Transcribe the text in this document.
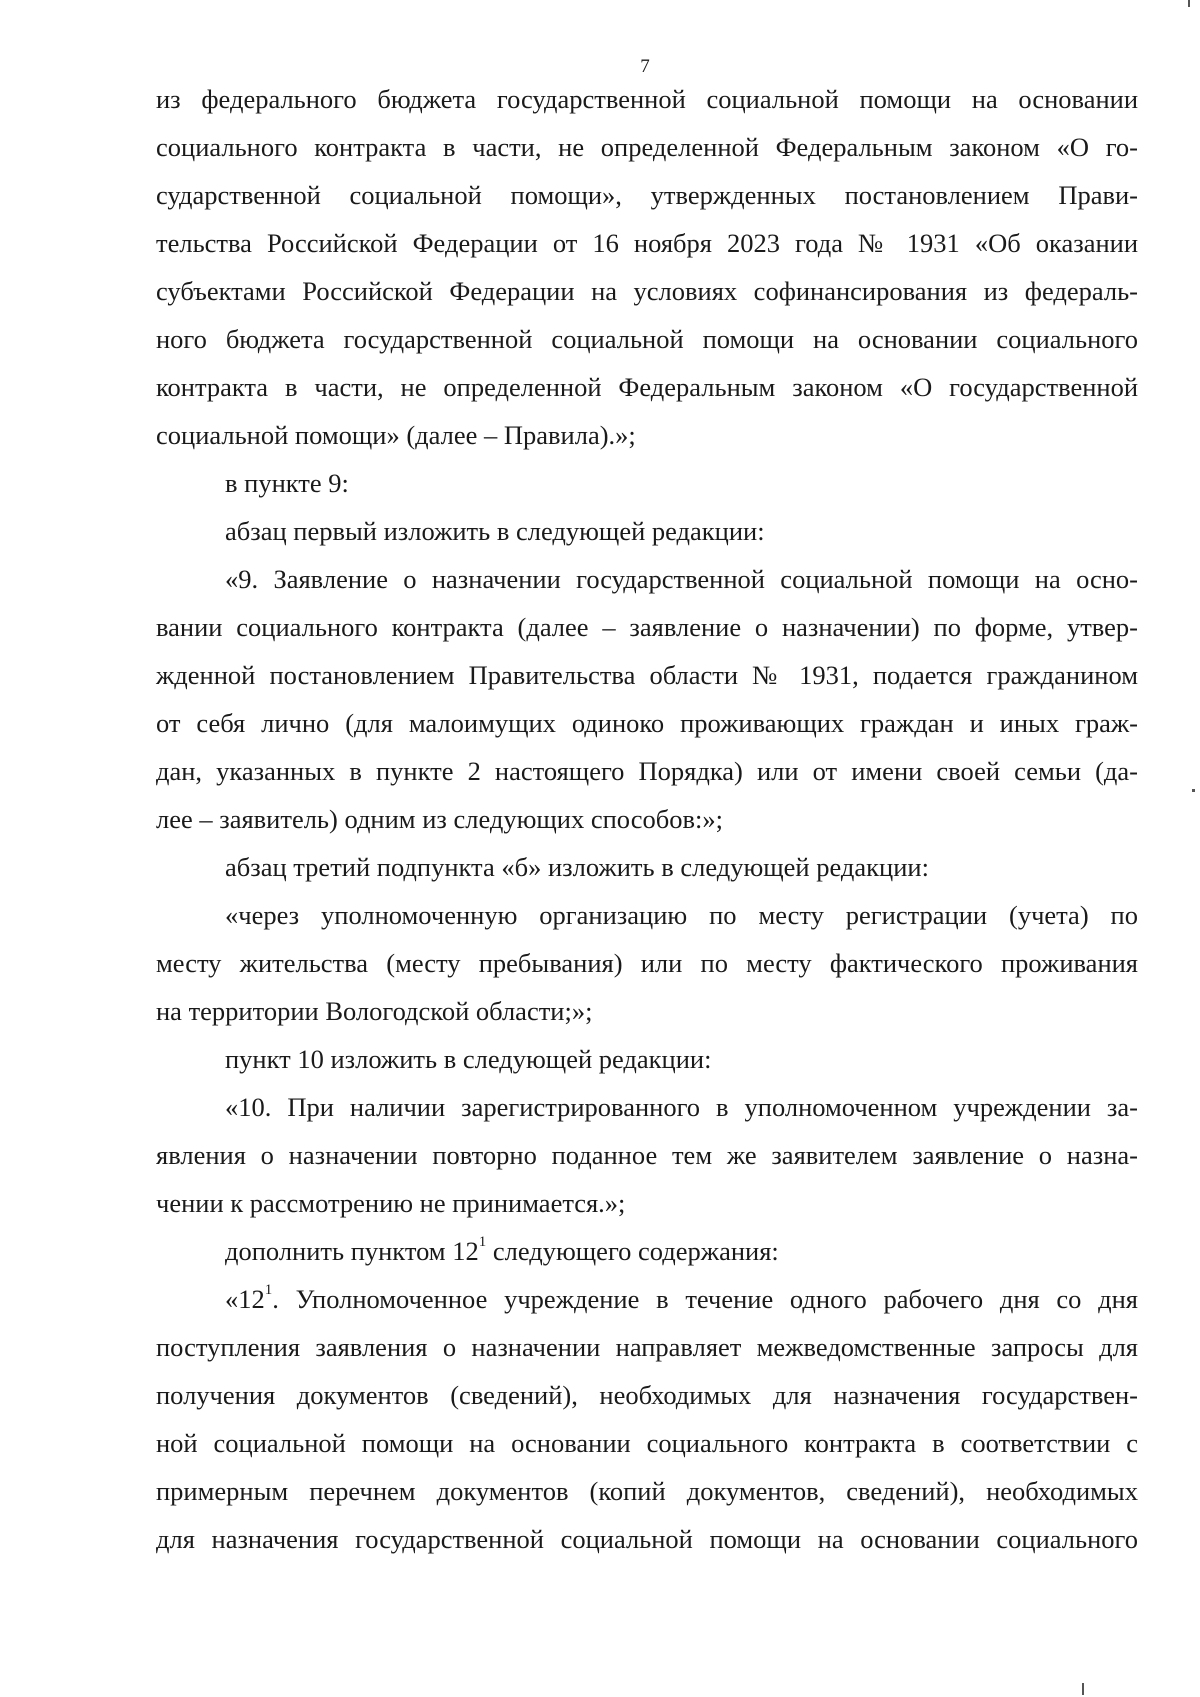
7

из федерального бюджета государственной социальной помощи на основании

социального контракта в части, не определенной Федеральным законом «О го-

сударственной социальной помощи», утвержденных постановлением Прави-

тельства Российской Федерации от 16 ноября 2023 года № 1931 «Об оказании

субъектами Российской Федерации на условиях софинансирования из федераль-

ного бюджета государственной социальной помощи на основании социального

контракта в части, не определенной Федеральным законом «О государственной

социальной помощи» (далее – Правила).»;

в пункте 9:

абзац первый изложить в следующей редакции:

«9. Заявление о назначении государственной социальной помощи на осно-

вании социального контракта (далее – заявление о назначении) по форме, утвер-

жденной постановлением Правительства области № 1931, подается гражданином

от себя лично (для малоимущих одиноко проживающих граждан и иных граж-

дан, указанных в пункте 2 настоящего Порядка) или от имени своей семьи (да-

лее – заявитель) одним из следующих способов:»;

абзац третий подпункта «б» изложить в следующей редакции:

«через уполномоченную организацию по месту регистрации (учета) по

месту жительства (месту пребывания) или по месту фактического проживания

на территории Вологодской области;»;

пункт 10 изложить в следующей редакции:

«10. При наличии зарегистрированного в уполномоченном учреждении за-

явления о назначении повторно поданное тем же заявителем заявление о назна-

чении к рассмотрению не принимается.»;

дополнить пунктом $12^1$ следующего содержания:

«$12^1$. Уполномоченное учреждение в течение одного рабочего дня со дня

поступления заявления о назначении направляет межведомственные запросы для

получения документов (сведений), необходимых для назначения государствен-

ной социальной помощи на основании социального контракта в соответствии с

примерным перечнем документов (копий документов, сведений), необходимых

для назначения государственной социальной помощи на основании социального
